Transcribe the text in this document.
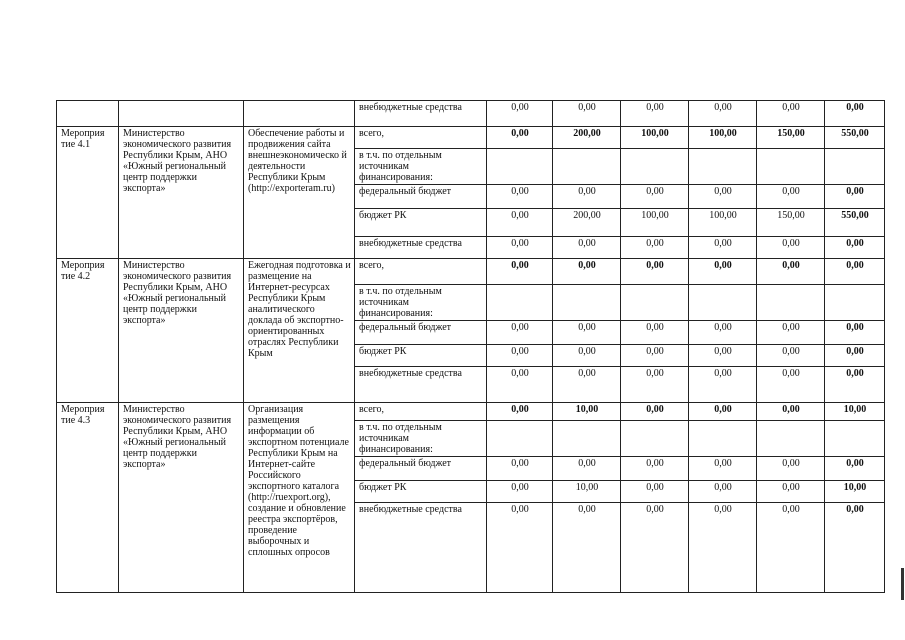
			внебюджетные средства	0,00	0,00	0,00	0,00	0,00	0,00
Мероприя тие 4.1	Министерство экономического развития Республики Крым, АНО «Южный региональный центр поддержки экспорта»	Обеспечение работы и продвижения сайта внешнеэкономическо й деятельности Республики Крым (http://exporteram.ru)	всего,	0,00	200,00	100,00	100,00	150,00	550,00
			в т.ч. по отдельным источникам финансирования:						
			федеральный бюджет	0,00	0,00	0,00	0,00	0,00	0,00
			бюджет РК	0,00	200,00	100,00	100,00	150,00	550,00
			внебюджетные средства	0,00	0,00	0,00	0,00	0,00	0,00
Мероприя тие 4.2	Министерство экономического развития Республики Крым, АНО «Южный региональный центр поддержки экспорта»	Ежегодная подготовка и размещение на Интернет-ресурсах Республики Крым аналитического доклада об экспортно-ориентированных отраслях Республики Крым	всего,	0,00	0,00	0,00	0,00	0,00	0,00
			в т.ч. по отдельным источникам финансирования:						
			федеральный бюджет	0,00	0,00	0,00	0,00	0,00	0,00
			бюджет РК	0,00	0,00	0,00	0,00	0,00	0,00
			внебюджетные средства	0,00	0,00	0,00	0,00	0,00	0,00
Мероприя тие 4.3	Министерство экономического развития Республики Крым, АНО «Южный региональный центр поддержки экспорта»	Организация размещения информации об экспортном потенциале Республики Крым на Интернет-сайте Российского экспортного каталога (http://ruexport.org), создание и обновление реестра экспортёров, проведение выборочных и сплошных опросов	всего,	0,00	10,00	0,00	0,00	0,00	10,00
			в т.ч. по отдельным источникам финансирования:						
			федеральный бюджет	0,00	0,00	0,00	0,00	0,00	0,00
			бюджет РК	0,00	10,00	0,00	0,00	0,00	10,00
			внебюджетные средства	0,00	0,00	0,00	0,00	0,00	0,00
